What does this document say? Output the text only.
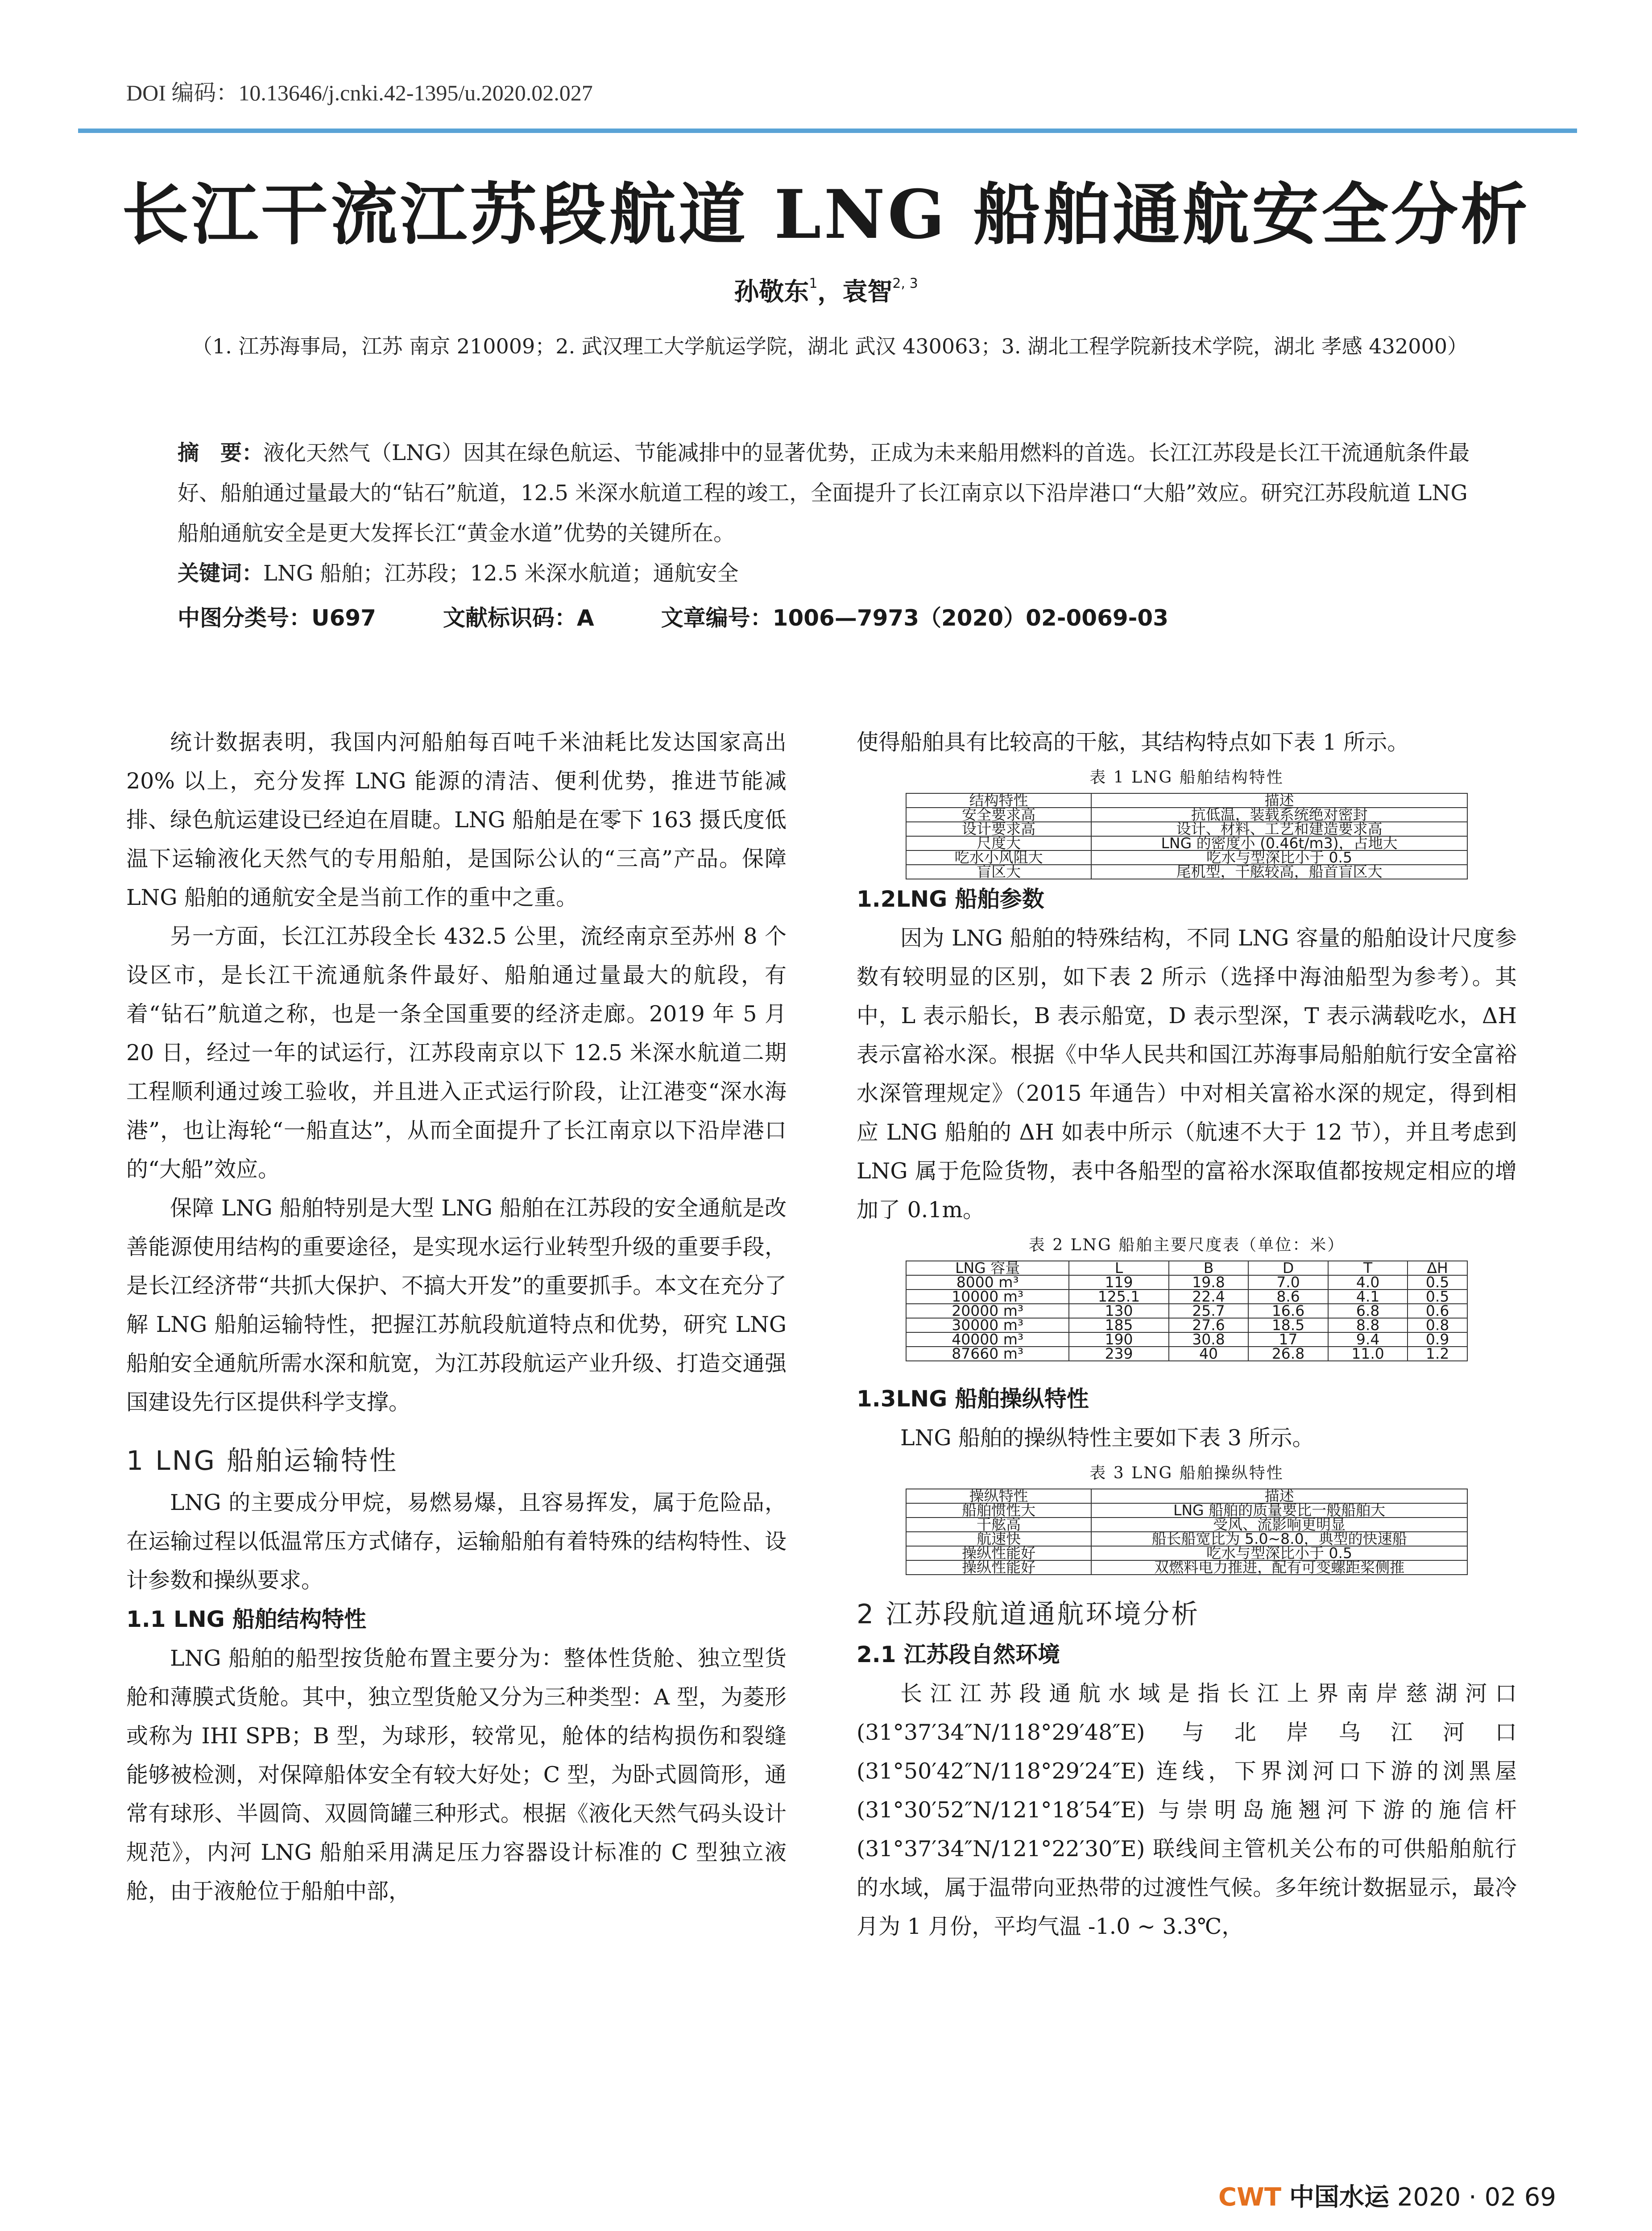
DOI 编码：10.13646/j.cnki.42-1395/u.2020.02.027
长江干流江苏段航道 LNG 船舶通航安全分析
孙敬东$^1$，袁智$^{2, 3}$
（1. 江苏海事局，江苏 南京 210009；2. 武汉理工大学航运学院，湖北 武汉 430063；3. 湖北工程学院新技术学院，湖北 孝感 432000）
摘　要：液化天然气（LNG）因其在绿色航运、节能减排中的显著优势，正成为未来船用燃料的首选。长江江苏段是长江干流通航条件最好、船舶通过量最大的“钻石”航道，12.5 米深水航道工程的竣工，全面提升了长江南京以下沿岸港口“大船”效应。研究江苏段航道 LNG 船舶通航安全是更大发挥长江“黄金水道”优势的关键所在。
关键词：LNG 船舶；江苏段；12.5 米深水航道；通航安全
中图分类号：U697	文献标识码：A	文章编号：1006—7973（2020）02-0069-03

统计数据表明，我国内河船舶每百吨千米油耗比发达国家高出 20% 以上，充分发挥 LNG 能源的清洁、便利优势，推进节能减排、绿色航运建设已经迫在眉睫。LNG 船舶是在零下 163 摄氏度低温下运输液化天然气的专用船舶，是国际公认的“三高”产品。保障 LNG 船舶的通航安全是当前工作的重中之重。

另一方面，长江江苏段全长 432.5 公里，流经南京至苏州 8 个设区市，是长江干流通航条件最好、船舶通过量最大的航段，有着“钻石”航道之称，也是一条全国重要的经济走廊。2019 年 5 月 20 日，经过一年的试运行，江苏段南京以下 12.5 米深水航道二期工程顺利通过竣工验收，并且进入正式运行阶段，让江港变“深水海港”，也让海轮“一船直达”，从而全面提升了长江南京以下沿岸港口的“大船”效应。

保障 LNG 船舶特别是大型 LNG 船舶在江苏段的安全通航是改善能源使用结构的重要途径，是实现水运行业转型升级的重要手段，是长江经济带“共抓大保护、不搞大开发”的重要抓手。本文在充分了解 LNG 船舶运输特性，把握江苏航段航道特点和优势，研究 LNG 船舶安全通航所需水深和航宽，为江苏段航运产业升级、打造交通强国建设先行区提供科学支撑。

1 LNG 船舶运输特性

LNG 的主要成分甲烷，易燃易爆，且容易挥发，属于危险品，在运输过程以低温常压方式储存，运输船舶有着特殊的结构特性、设计参数和操纵要求。

1.1 LNG 船舶结构特性

LNG 船舶的船型按货舱布置主要分为：整体性货舱、独立型货舱和薄膜式货舱。其中，独立型货舱又分为三种类型：A 型，为菱形或称为 IHI SPB；B 型，为球形，较常见，舱体的结构损伤和裂缝能够被检测，对保障船体安全有较大好处；C 型，为卧式圆筒形，通常有球形、半圆筒、双圆筒罐三种形式。根据《液化天然气码头设计规范》，内河 LNG 船舶采用满足压力容器设计标准的 C 型独立液舱，由于液舱位于船舶中部，

使得船舶具有比较高的干舷，其结构特点如下表 1 所示。

表 1 LNG 船舶结构特性
结构特性	描述
安全要求高	抗低温，装载系统绝对密封
设计要求高	设计、材料、工艺和建造要求高
尺度大	LNG 的密度小 (0.46t/m3)，占地大
吃水小风阻大	吃水与型深比小于 0.5
盲区大	尾机型，干舷较高，船首盲区大
1.2LNG 船舶参数

因为 LNG 船舶的特殊结构，不同 LNG 容量的船舶设计尺度参数有较明显的区别，如下表 2 所示（选择中海油船型为参考）。其中，L 表示船长，B 表示船宽，D 表示型深，T 表示满载吃水，ΔH 表示富裕水深。根据《中华人民共和国江苏海事局船舶航行安全富裕水深管理规定》（2015 年通告）中对相关富裕水深的规定，得到相应 LNG 船舶的 ΔH 如表中所示（航速不大于 12 节），并且考虑到 LNG 属于危险货物，表中各船型的富裕水深取值都按规定相应的增加了 0.1m。

表 2 LNG 船舶主要尺度表（单位：米）
LNG 容量	L	B	D	T	ΔH
8000 m³	119	19.8	7.0	4.0	0.5
10000 m³	125.1	22.4	8.6	4.1	0.5
20000 m³	130	25.7	16.6	6.8	0.6
30000 m³	185	27.6	18.5	8.8	0.8
40000 m³	190	30.8	17	9.4	0.9
87660 m³	239	40	26.8	11.0	1.2
1.3LNG 船舶操纵特性

LNG 船舶的操纵特性主要如下表 3 所示。

表 3 LNG 船舶操纵特性
操纵特性	描述
船舶惯性大	LNG 船舶的质量要比一般船舶大
干舷高	受风、流影响更明显
航速快	船长船宽比为 5.0~8.0，典型的快速船
操纵性能好	吃水与型深比小于 0.5
操纵性能好	双燃料电力推进，配有可变螺距桨侧推
2 江苏段航道通航环境分析
2.1 江苏段自然环境

长江江苏段通航水域是指长江上界南岸慈湖河口 (31°37′34″N/118°29′48″E) 与北岸乌江河口 (31°50′42″N/118°29′24″E) 连线，下界浏河口下游的浏黑屋 (31°30′52″N/121°18′54″E) 与崇明岛施翘河下游的施信杆 (31°37′34″N/121°22′30″E) 联线间主管机关公布的可供船舶航行的水域，属于温带向亚热带的过渡性气候。多年统计数据显示，最冷月为 1 月份，平均气温 -1.0 ~ 3.3℃，

CWT 中国水运 2020 · 02 69
